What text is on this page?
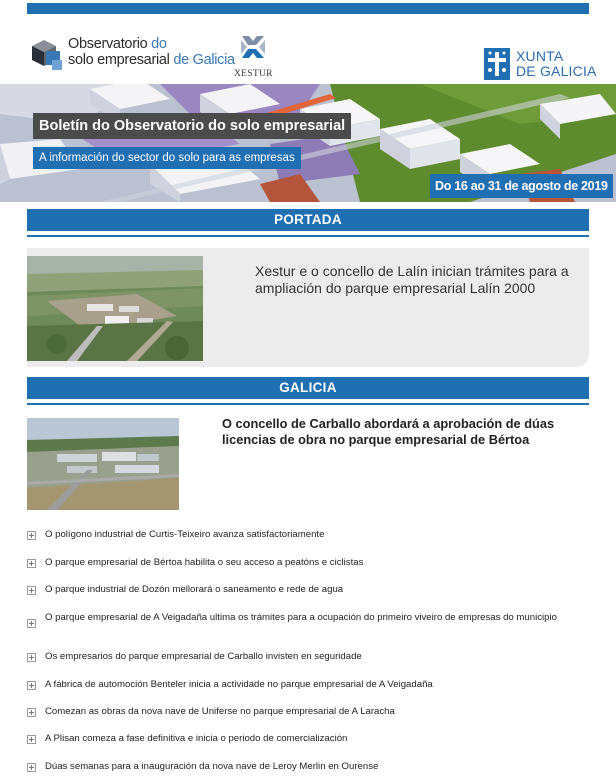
Observatorio do
solo empresarial de Galicia
XESTUR
XUNTA
DE GALICIA
Boletín do Observatorio do solo empresarial
A información do sector do solo para as empresas
Do 16 ao 31 de agosto de 2019
PORTADA
Xestur e o concello de Lalín inician trámites para a ampliación do parque empresarial Lalín 2000
GALICIA
O concello de Carballo abordará a aprobación de dúas licencias de obra no parque empresarial de Bértoa
O polígono industrial de Curtis-Teixeiro avanza satisfactoriamente
O parque empresarial de Bértoa habilita o seu acceso a peatóns e ciclistas
O parque industrial de Dozón mellorará o saneamento e rede de agua
O parque empresarial de A Veigadaña ultima os trámites para a ocupación do primeiro viveiro de empresas do municipio
Os empresarios do parque empresarial de Carballo invisten en seguridade
A fábrica de automoción Benteler inicia a actividade no parque empresarial de A Veigadaña
Comezan as obras da nova nave de Uniferse no parque empresarial de A Laracha
A Plisan comeza a fase definitiva e inicia o periodo de comercialización
Dúas semanas para a inauguración da nova nave de Leroy Merlin en Ourense
